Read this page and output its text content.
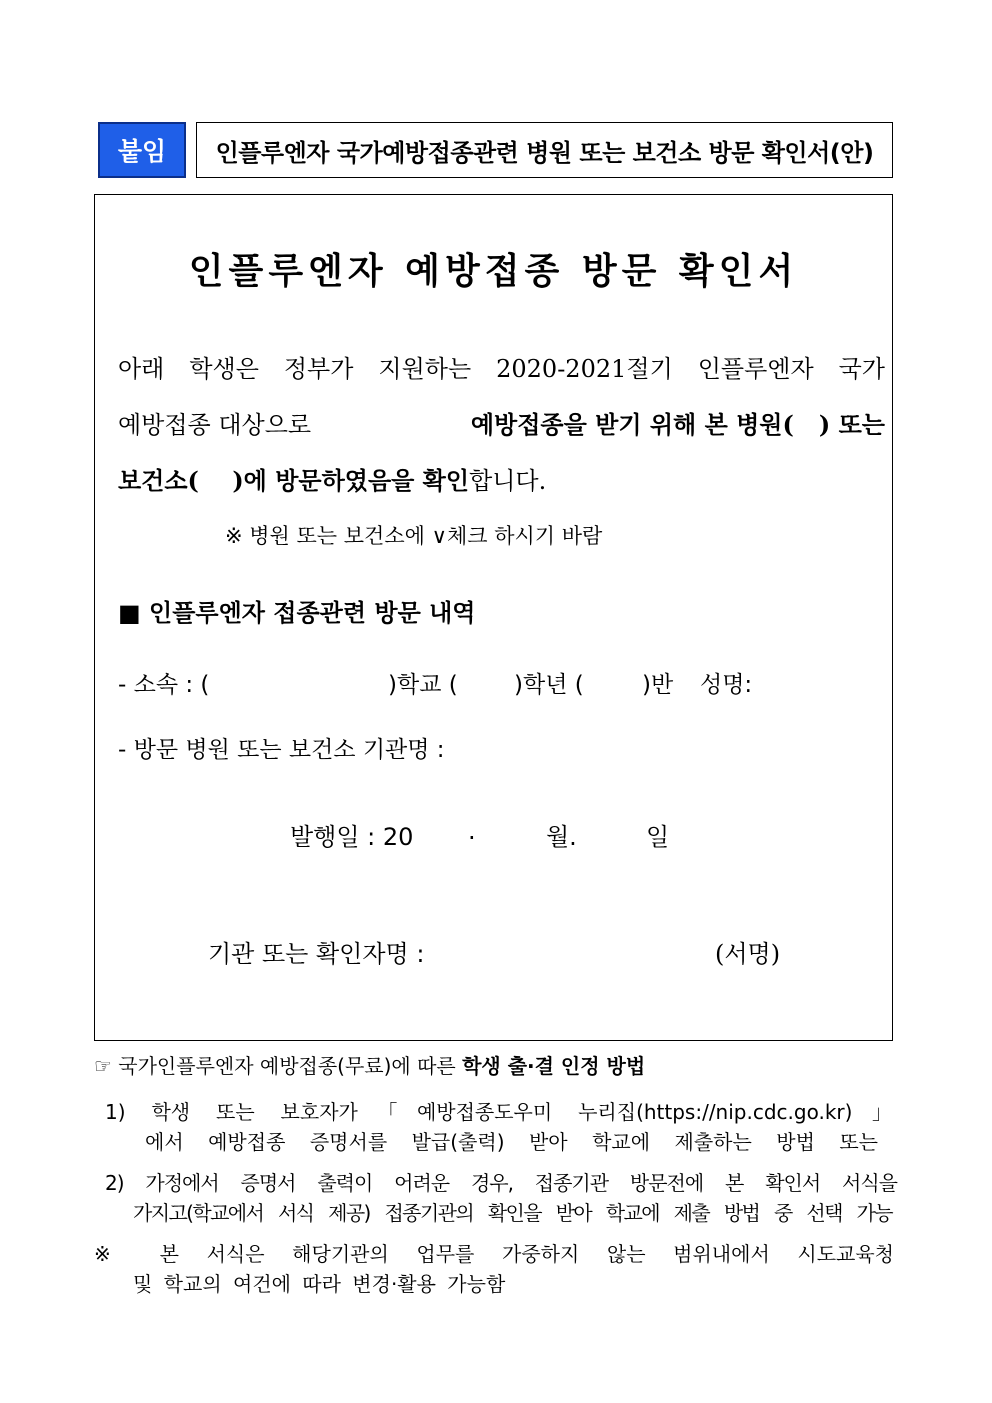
붙임 인플루엔자 국가예방접종관련 병원 또는 보건소 방문 확인서(안)
인플루엔자 예방접종 방문 확인서
아래 학생은 정부가 지원하는 2020-2021절기 인플루엔자 국가
예방접종 대상으로	예방접종을 받기 위해 본 병원(   ) 또는
보건소(    )에 방문하였음을 확인합니다.
※ 병원 또는 보건소에 ∨체크 하시기 바람
■ 인플루엔자 접종관련 방문 내역
- 소속 : (	)학교 ( )학년 (	)반 성명:
- 방문 병원 또는 보건소 기관명 :
발행일 : 20 .	월.	일
기관 또는 확인자명 :	(서명)
☞ 국가인플루엔자 예방접종(무료)에 따른 학생 출·결 인정 방법
1) 학생 또는 보호자가「예방접종도우미 누리집(https://nip.cdc.go.kr)」
에서 예방접종 증명서를 발급(출력) 받아 학교에 제출하는 방법 또는
2) 가정에서 증명서 출력이 어려운 경우, 접종기관 방문전에 본 확인서 서식을
가지고(학교에서 서식 제공) 접종기관의 확인을 받아 학교에 제출 방법 중 선택 가능
※ 본 서식은 해당기관의 업무를 가중하지 않는 범위내에서 시도교육청
및 학교의 여건에 따라 변경·활용 가능함
